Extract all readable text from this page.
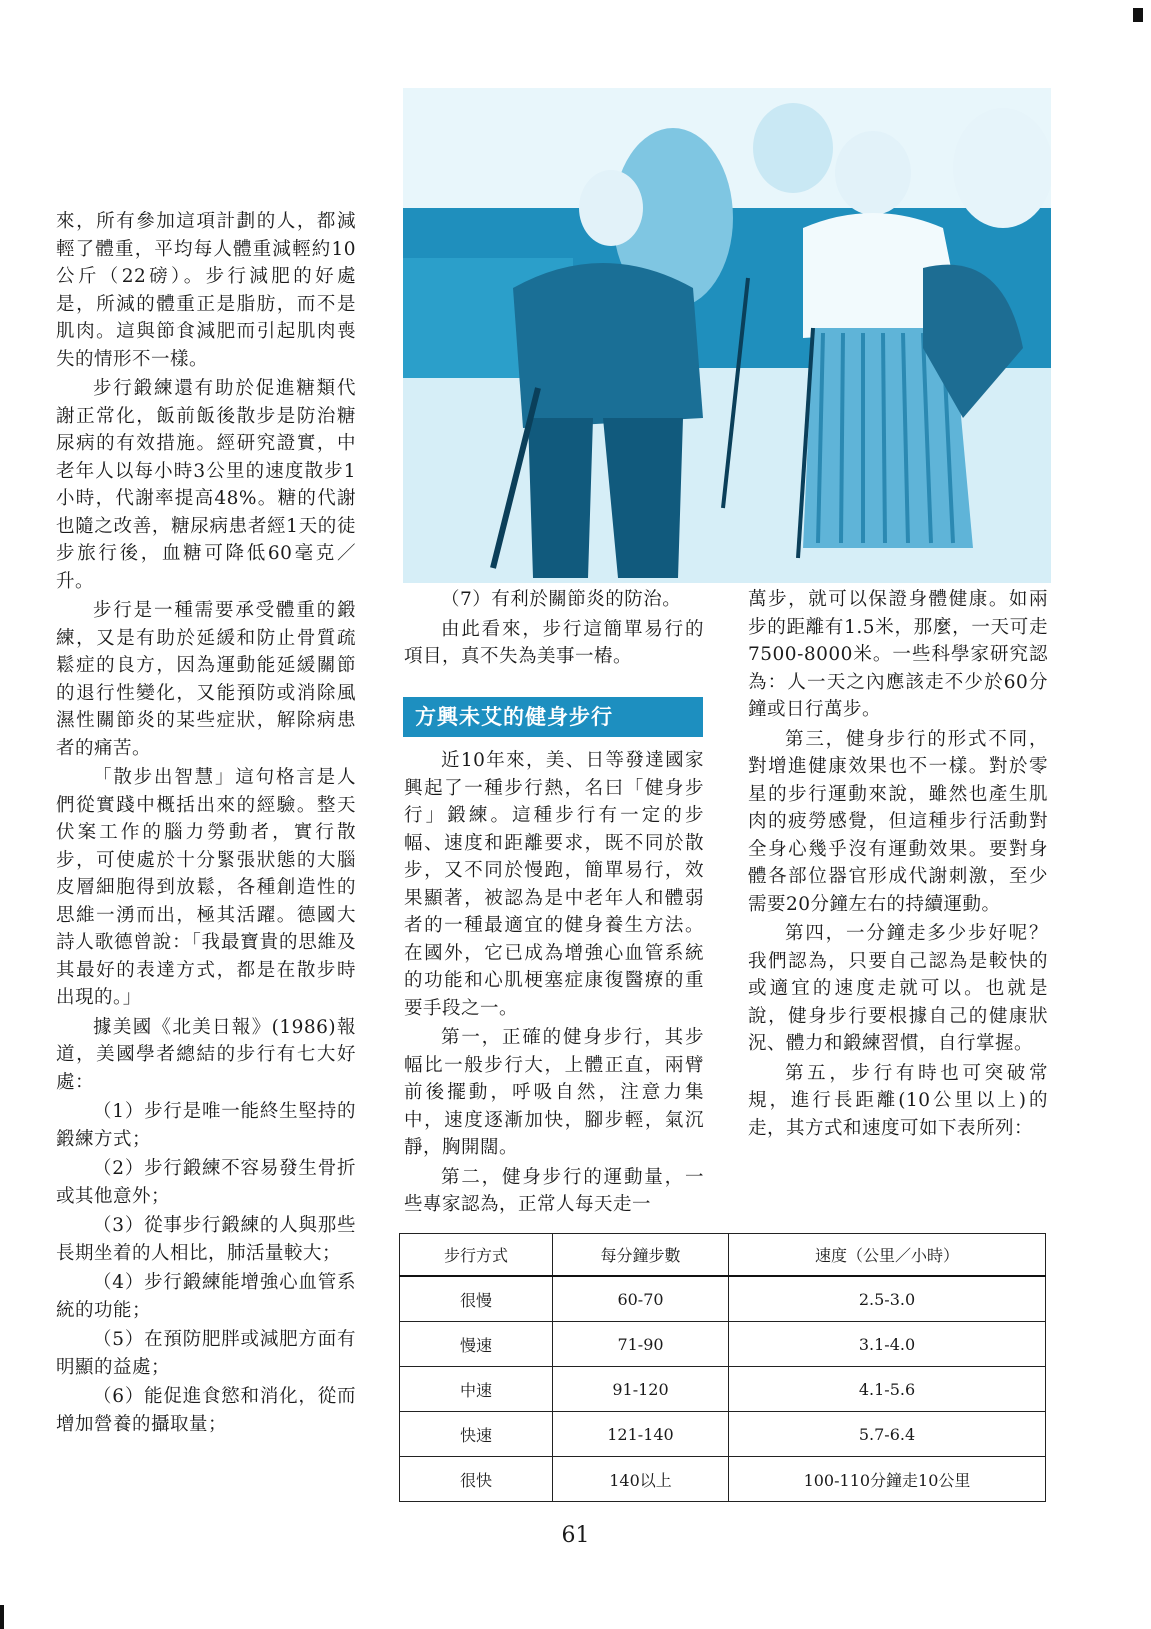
來，所有參加這項計劃的人，都減輕了體重，平均每人體重減輕約10公斤（22磅）。步行減肥的好處是，所減的體重正是脂肪，而不是肌肉。這與節食減肥而引起肌肉喪失的情形不一樣。

步行鍛練還有助於促進糖類代謝正常化，飯前飯後散步是防治糖尿病的有效措施。經研究證實，中老年人以每小時3公里的速度散步1小時，代謝率提高48%。糖的代謝也隨之改善，糖尿病患者經1天的徒步旅行後，血糖可降低60毫克／升。

步行是一種需要承受體重的鍛練，又是有助於延緩和防止骨質疏鬆症的良方，因為運動能延緩關節的退行性變化，又能預防或消除風濕性關節炎的某些症狀，解除病患者的痛苦。

「散步出智慧」這句格言是人們從實踐中概括出來的經驗。整天伏案工作的腦力勞動者，實行散步，可使處於十分緊張狀態的大腦皮層細胞得到放鬆，各種創造性的思維一湧而出，極其活躍。德國大詩人歌德曾說：「我最寶貴的思維及其最好的表達方式，都是在散步時出現的。」

據美國《北美日報》(1986)報道，美國學者總結的步行有七大好處：

（1）步行是唯一能終生堅持的鍛練方式；

（2）步行鍛練不容易發生骨折或其他意外；

（3）從事步行鍛練的人與那些長期坐着的人相比，肺活量較大；

（4）步行鍛練能增強心血管系統的功能；

（5）在預防肥胖或減肥方面有明顯的益處；

（6）能促進食慾和消化，從而增加營養的攝取量；

（7）有利於關節炎的防治。

由此看來，步行這簡單易行的項目，真不失為美事一樁。

方興未艾的健身步行

近10年來，美、日等發達國家興起了一種步行熱，名曰「健身步行」鍛練。這種步行有一定的步幅、速度和距離要求，既不同於散步，又不同於慢跑，簡單易行，效果顯著，被認為是中老年人和體弱者的一種最適宜的健身養生方法。在國外，它已成為增強心血管系統的功能和心肌梗塞症康復醫療的重要手段之一。

第一，正確的健身步行，其步幅比一般步行大，上體正直，兩臂前後擺動，呼吸自然，注意力集中，速度逐漸加快，腳步輕，氣沉靜，胸開闊。

第二，健身步行的運動量，一些專家認為，正常人每天走一

萬步，就可以保證身體健康。如兩步的距離有1.5米，那麼，一天可走7500-8000米。一些科學家研究認為：人一天之內應該走不少於60分鐘或日行萬步。

第三，健身步行的形式不同，對增進健康效果也不一樣。對於零星的步行運動來說，雖然也產生肌肉的疲勞感覺，但這種步行活動對全身心幾乎沒有運動效果。要對身體各部位器官形成代謝刺激，至少需要20分鐘左右的持續運動。

第四，一分鐘走多少步好呢？我們認為，只要自己認為是較快的或適宜的速度走就可以。也就是說，健身步行要根據自己的健康狀況、體力和鍛練習慣，自行掌握。

第五，步行有時也可突破常規，進行長距離(10公里以上)的走，其方式和速度可如下表所列：

步行方式	每分鐘步數	速度（公里／小時）
很慢	60-70	2.5-3.0
慢速	71-90	3.1-4.0
中速	91-120	4.1-5.6
快速	121-140	5.7-6.4
很快	140以上	100-110分鐘走10公里
61
